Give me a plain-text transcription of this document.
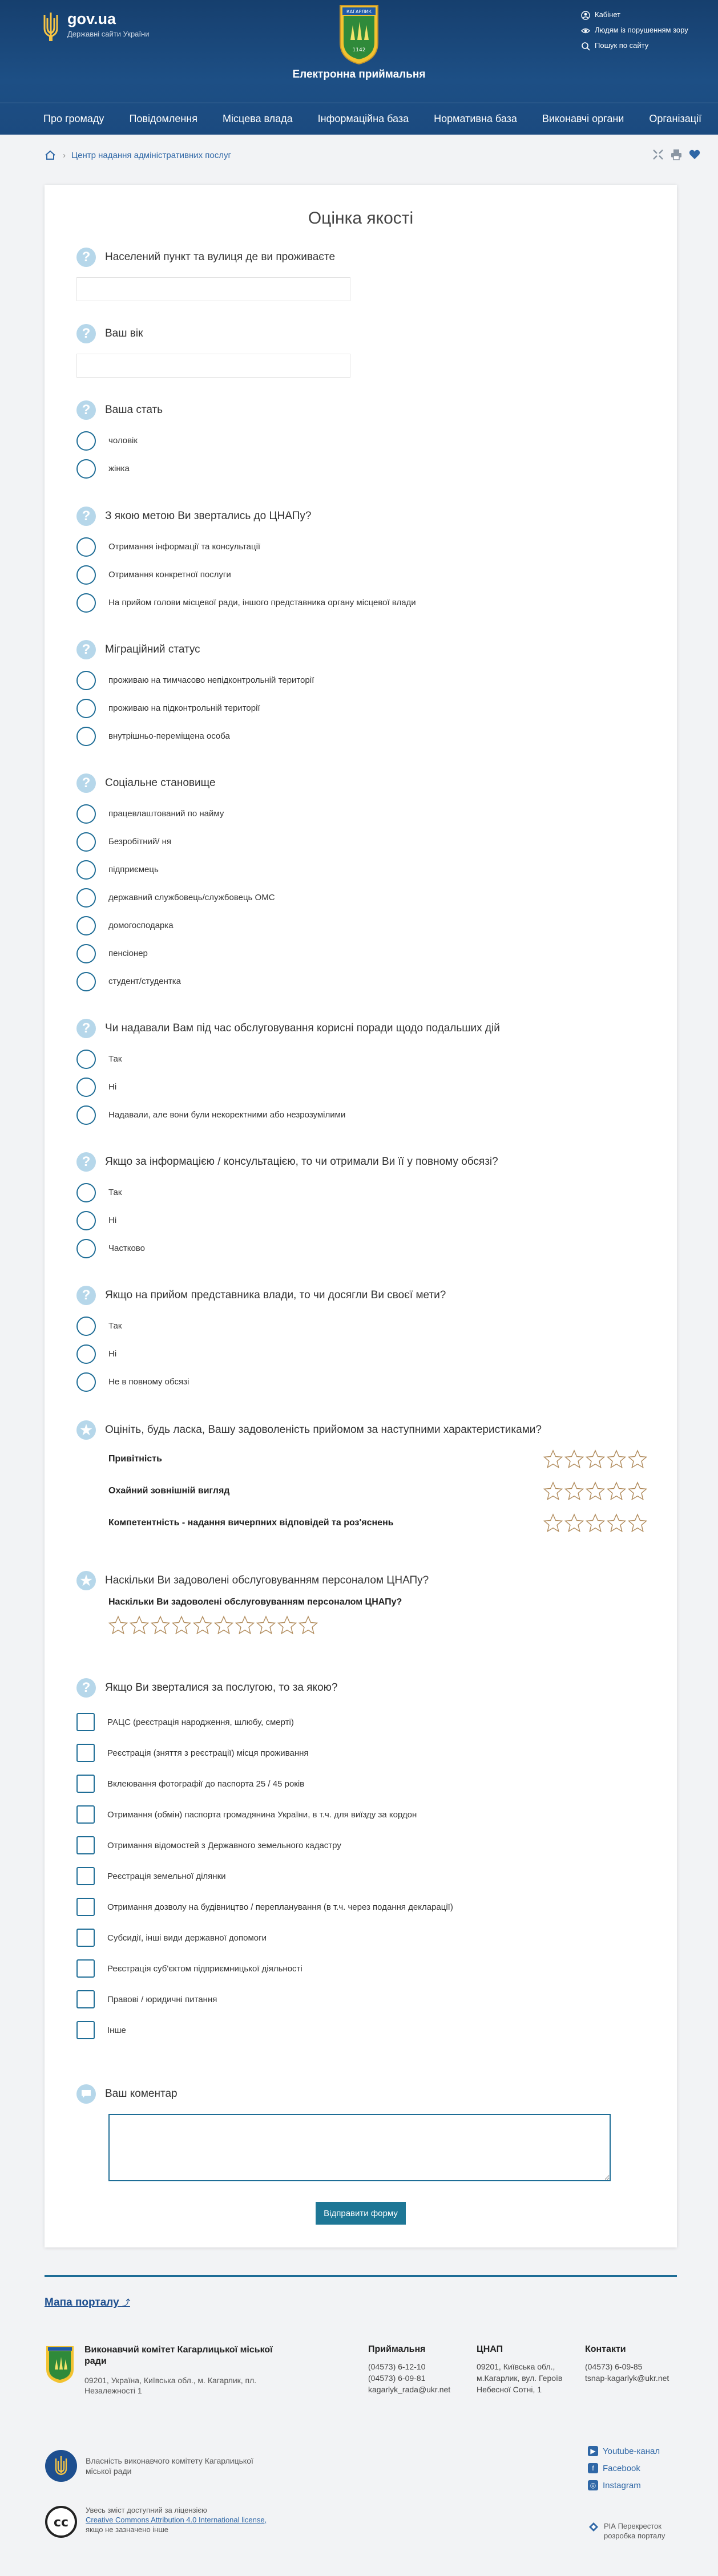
gov.ua
Державні сайти України
КАГАРЛИК
1142
Електронна приймальня
Кабінет
Людям із порушенням зору
Пошук по сайту
Про громаду Повідомлення Місцева влада Інформаційна база Нормативна база Виконавчі органи Організації
› Центр надання адміністративних послуг
Оцінка якості
?	Населений пункт та вулиця де ви проживаєте
?	Ваш вік
?	Ваша стать
чоловік
жінка
?	З якою метою Ви звертались до ЦНАПу?
Отримання інформації та консультації
Отримання конкретної послуги
На прийом голови місцевої ради, іншого представника органу місцевої влади
?	Міграційний статус
проживаю на тимчасово непідконтрольній території
проживаю на підконтрольній території
внутрішньо-переміщена особа
?	Соціальне становище
працевлаштований по найму
Безробітний/ ня
підприємець
державний службовець/службовець ОМС
домогосподарка
пенсіонер
студент/студентка
?	Чи надавали Вам під час обслуговування корисні поради щодо подальших дій
Так
Ні
Надавали, але вони були некоректними або незрозумілими
?	Якщо за інформацією / консультацією, то чи отримали Ви її у повному обсязі?
Так
Ні
Частково
?	Якщо на прийом представника влади, то чи досягли Ви своєї мети?
Так
Ні
Не в повному обсязі
★	Оцініть, будь ласка, Вашу задоволеність прийомом за наступними характеристиками?
Привітність
Охайний зовнішній вигляд
Компетентність - надання вичерпних відповідей та роз'яснень
★	Наскільки Ви задоволені обслуговуванням персоналом ЦНАПу?
Наскільки Ви задоволені обслуговуванням персоналом ЦНАПу?
?	Якщо Ви зверталися за послугою, то за якою?
РАЦС (реєстрація народження, шлюбу, смерті)
Реєстрація (зняття з реєстрації) місця проживання
Вклеювання фотографії до паспорта 25 / 45 років
Отримання (обмін) паспорта громадянина України, в т.ч. для виїзду за кордон
Отримання відомостей з Державного земельного кадастру
Реєстрація земельної ділянки
Отримання дозволу на будівництво / перепланування (в т.ч. через подання декларації)
Субсидії, інші види державної допомоги
Реєстрація суб'єктом підприємницької діяльності
Правові / юридичні питання
Інше
Ваш коментар
Відправити форму
Мапа порталу ⤴
Виконавчий комітет Кагарлицької міської ради
09201, Україна, Київська обл., м. Кагарлик, пл. Незалежності 1
Приймальня
(04573) 6-12-10
(04573) 6-09-81
kagarlyk_rada@ukr.net
ЦНАП
09201, Київська обл.,
м.Кагарлик, вул. Героїв
Небесної Сотні, 1
Контакти
(04573) 6-09-85
tsnap-kagarlyk@ukr.net
Власність виконавчого комітету Кагарлицької міської ради
cc
Увесь зміст доступний за ліцензією
Creative Commons Attribution 4.0 International license,
якщо не зазначено інше
▶ Youtube-канал
f	Facebook
◎ Instagram
РІА Перекресток розробка порталу
